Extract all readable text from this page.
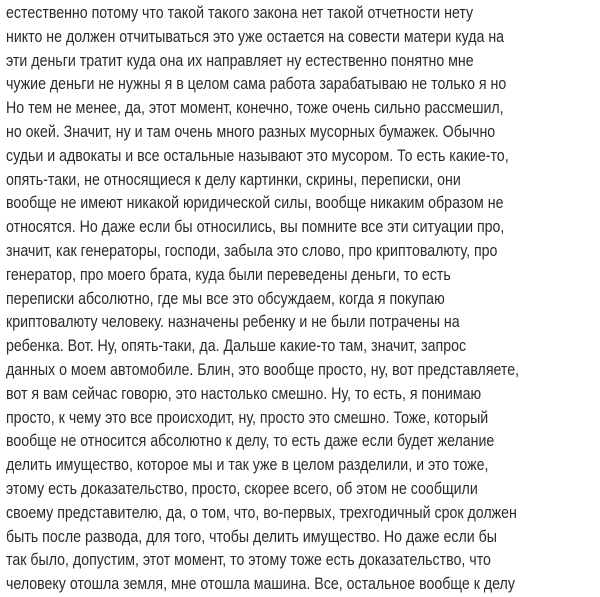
естественно потому что такой такого закона нет такой отчетности нету
никто не должен отчитываться это уже остается на совести матери куда на
эти деньги тратит куда она их направляет ну естественно понятно мне
чужие деньги не нужны я в целом сама работа зарабатываю не только я но
Но тем не менее, да, этот момент, конечно, тоже очень сильно рассмешил,
но окей. Значит, ну и там очень много разных мусорных бумажек. Обычно
судьи и адвокаты и все остальные называют это мусором. То есть какие-то,
опять-таки, не относящиеся к делу картинки, скрины, переписки, они
вообще не имеют никакой юридической силы, вообще никаким образом не
относятся. Но даже если бы относились, вы помните все эти ситуации про,
значит, как генераторы, господи, забыла это слово, про криптовалюту, про
генератор, про моего брата, куда были переведены деньги, то есть
переписки абсолютно, где мы все это обсуждаем, когда я покупаю
криптовалюту человеку. назначены ребенку и не были потрачены на
ребенка. Вот. Ну, опять-таки, да. Дальше какие-то там, значит, запрос
данных о моем автомобиле. Блин, это вообще просто, ну, вот представляете,
вот я вам сейчас говорю, это настолько смешно. Ну, то есть, я понимаю
просто, к чему это все происходит, ну, просто это смешно. Тоже, который
вообще не относится абсолютно к делу, то есть даже если будет желание
делить имущество, которое мы и так уже в целом разделили, и это тоже,
этому есть доказательство, просто, скорее всего, об этом не сообщили
своему представителю, да, о том, что, во-первых, трехгодичный срок должен
быть после развода, для того, чтобы делить имущество. Но даже если бы
так было, допустим, этот момент, то этому тоже есть доказательство, что
человеку отошла земля, мне отошла машина. Все, остальное вообще к делу
